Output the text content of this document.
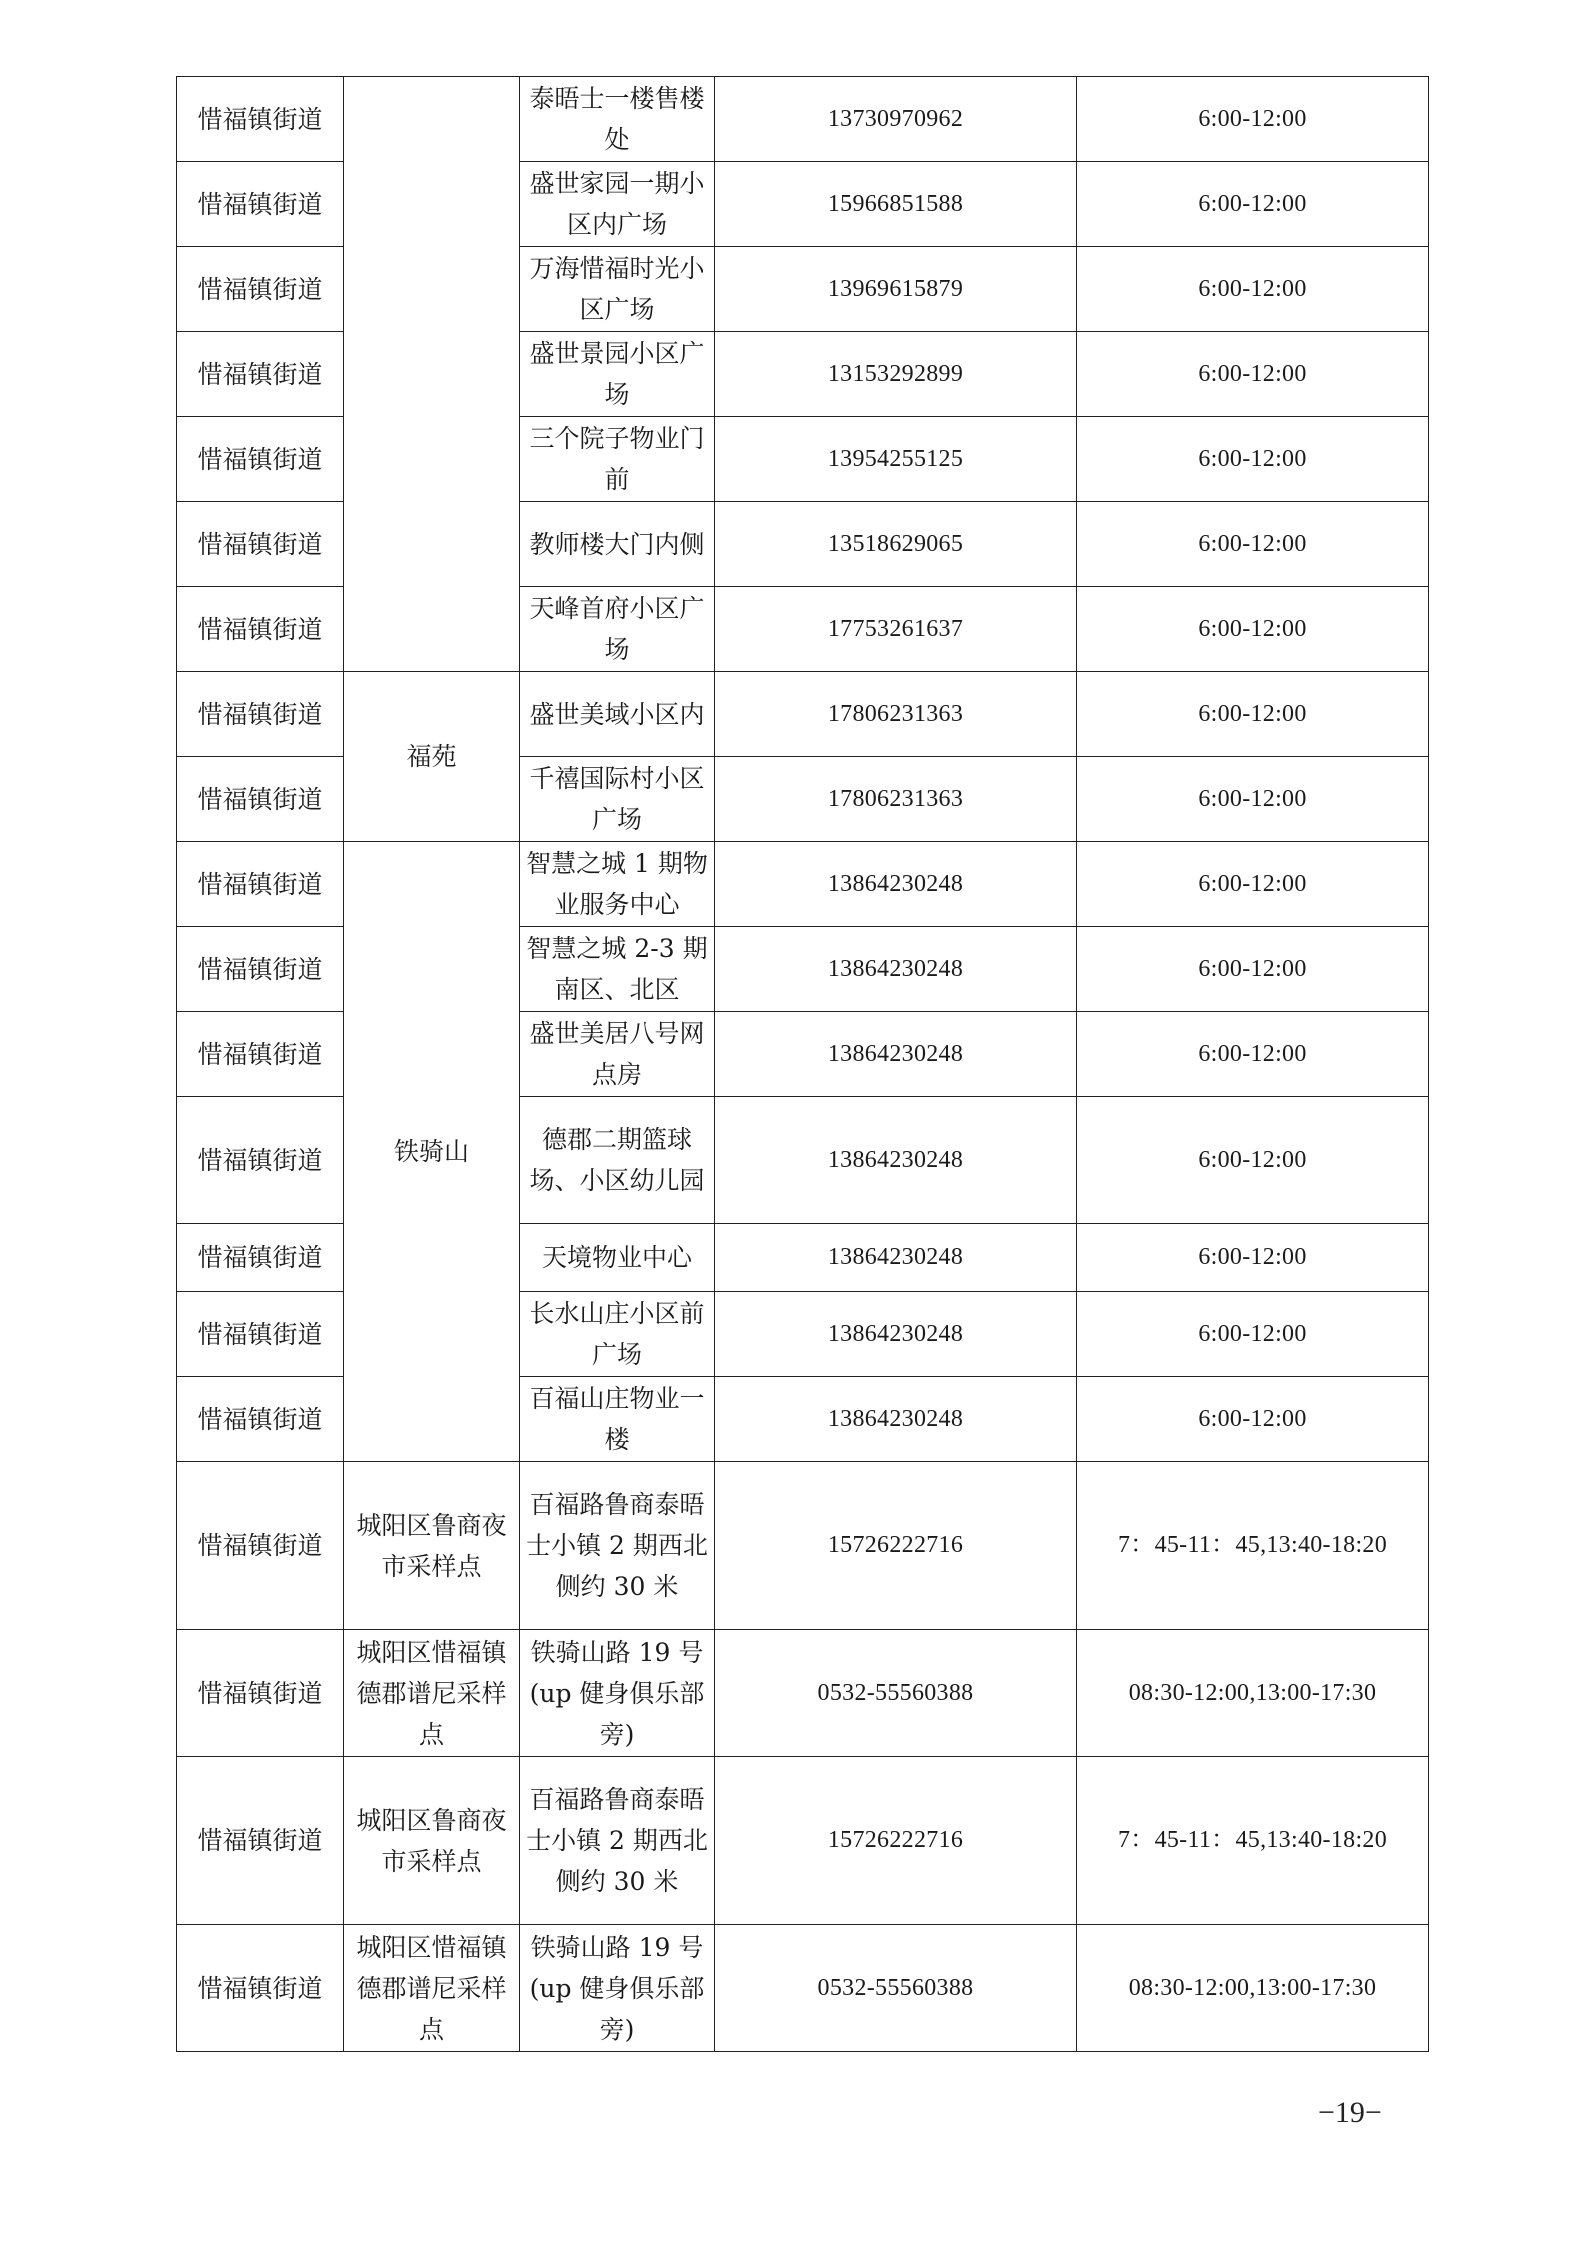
惜福镇街道		泰晤士一楼售楼处	13730970962	6:00-12:00
惜福镇街道		盛世家园一期小区内广场	15966851588	6:00-12:00
惜福镇街道		万海惜福时光小区广场	13969615879	6:00-12:00
惜福镇街道		盛世景园小区广场	13153292899	6:00-12:00
惜福镇街道		三个院子物业门前	13954255125	6:00-12:00
惜福镇街道		教师楼大门内侧	13518629065	6:00-12:00
惜福镇街道		天峰首府小区广场	17753261637	6:00-12:00
惜福镇街道	福苑	盛世美域小区内	17806231363	6:00-12:00
惜福镇街道		千禧国际村小区广场	17806231363	6:00-12:00
惜福镇街道	铁骑山	智慧之城 1 期物业服务中心	13864230248	6:00-12:00
惜福镇街道		智慧之城 2-3 期南区、北区	13864230248	6:00-12:00
惜福镇街道		盛世美居八号网点房	13864230248	6:00-12:00
惜福镇街道		德郡二期篮球场、小区幼儿园	13864230248	6:00-12:00
惜福镇街道		天境物业中心	13864230248	6:00-12:00
惜福镇街道		长水山庄小区前广场	13864230248	6:00-12:00
惜福镇街道		百福山庄物业一楼	13864230248	6:00-12:00
惜福镇街道	城阳区鲁商夜市采样点	百福路鲁商泰晤士小镇 2 期西北侧约 30 米	15726222716	7：45-11：45,13:40-18:20
惜福镇街道	城阳区惜福镇德郡谱尼采样点	铁骑山路 19 号(up 健身俱乐部旁)	0532-55560388	08:30-12:00,13:00-17:30
惜福镇街道	城阳区鲁商夜市采样点	百福路鲁商泰晤士小镇 2 期西北侧约 30 米	15726222716	7：45-11：45,13:40-18:20
惜福镇街道	城阳区惜福镇德郡谱尼采样点	铁骑山路 19 号(up 健身俱乐部旁)	0532-55560388	08:30-12:00,13:00-17:30
−19−
